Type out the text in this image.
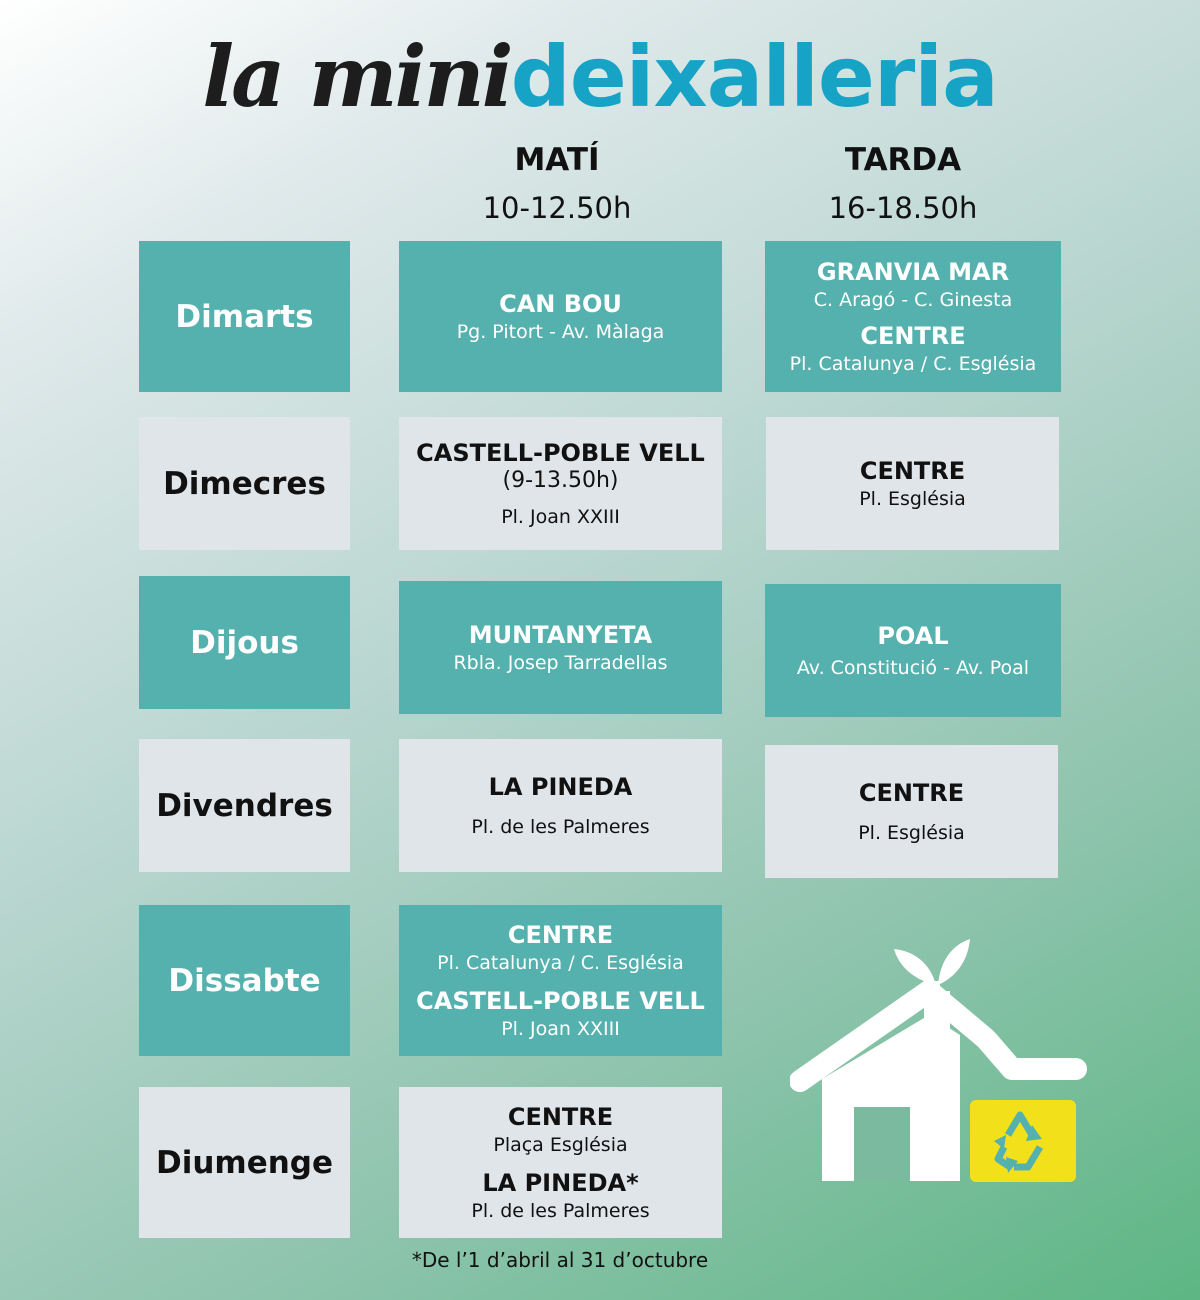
la minideixalleria
MATÍ
10-12.50h
TARDA
16-18.50h
Dimarts	CAN BOU
Pg. Pitort - Av. Màlaga
GRANVIA MAR
C. Aragó - C. Ginesta
CENTRE
Pl. Catalunya / C. Església
Dimecres
CASTELL-POBLE VELL
(9-13.50h)
Pl. Joan XXIII
CENTRE
Pl. Església
Dijous	MUNTANYETA
Rbla. Josep Tarradellas
POAL
Av. Constitució - Av. Poal
Divendres
LA PINEDA
Pl. de les Palmeres
CENTRE
Pl. Església
Dissabte
CENTRE
Pl. Catalunya / C. Església
CASTELL-POBLE VELL
Pl. Joan XXIII
Diumenge
CENTRE
Plaça Església
LA PINEDA*
Pl. de les Palmeres
*De l’1 d’abril al 31 d’octubre
